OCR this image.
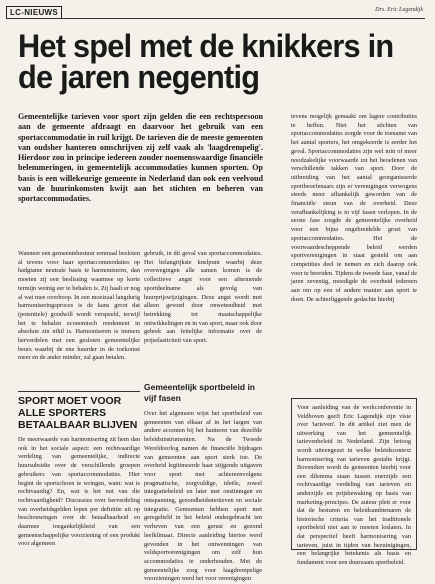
LC-NIEUWS	Drs. Eric Lagendijk
Het spel met de knikkers in de jaren negentig

Gemeentelijke tarieven voor sport zijn gelden die een rechtspersoon aan de gemeente afdraagt en daarvoor het gebruik van een sportaccommodatie in ruil krijgt. De tarieven die de meeste gemeenten van oudsher hanteren omschrijven zij zelf vaak als 'laagdrempelig'. Hierdoor zou in principe iedereen zonder noemenswaardige financiële belemmeringen, in gemeentelijk accommodaties kunnen sporten. Op basis is een willekeurige gemeente in Nederland dan ook een veelvoud van de huurinkomsten kwijt aan het stichten en beheren van sportaccommodaties.

Wanneer een gemeentebestuur eenmaal besloten al tevens voor haar sportaccommodaties op hadgiame neutrale basis te harmoniseren, dan moeten zij een beslissing waarmee op korte termijn weinig eer te behalen is. Zij haalt er nog al wat mee overhoop. In een moeizaal langdurig harmoniseringsproces is de kans groot dat (potentiele) goodwill wordt verspeeld, terwijl het te behalen economisch rendement in absolute zin nihil is. Harmoniseren is immers herverdelen met een gesloten gemeentelijke beurs waarbij de ene huurder in de toekomst meer en de ander minder, zal gaan betalen.

SPORT MOET VOOR ALLE SPORTERS BETAALBAAR BLIJVEN

De meerwaarde van harmonisering zit hem dan ook in het sociale aspect: een rechtvaardige verdeling van gemeentelijke, indirecte huursubsidie over de verschillende groepen gebruikers van sportaccommodaties. Hier begint de sportschoen te wringen, want: wat is rechtvaardig? En, wat is het nut van die rechtvaardigheid? Discussies over herverdeling van overheidsgelden lopen per definitie uit op beschouwingen over de betaalbaarheid en daarmee toegankelijkheid van een gemeenschappelijke voorziening of een produkt voor algemeen

gebruik, in dit geval van sportaccommodaties. Het belangrijkste knelpunt waarbij deze overwegingen alle samen komen is de collectieve angst voor een afnemende sportdeelname als gevolg van huurprijswijzigingen. Deze angst wordt met alleen gevoed door onwetendheid met betrekking tot maatschappelijke ontwikkelingen en in van sport, maar ook door gebrek aan feitelijke informatie over de prijselasticiteit van sport.

Gemeentelijk sportbeleid in vijf fasen

Over het algemeen wijst het sportbeleid van gemeenten van elkaar af in het largen van andere accenten bij het hanteren van dezelfde beleidsinstrumenten. Na de Tweede Wereldoorlog namen de financiële bijdragen van gemeenten aan sport sterk toe. De overheid legitimeerde haar stijgende uitgaven voor sport met achtereenvolgens pragmatische, zorgvuldige, ideële, zowel integratiebeleid en later met onstinmgen en ontspanning, gezondheidsmotieven en sociale integratie. Gemeenten hebben sport met geregelteld in het beleid ondergebracht ten verheven van een gerust en gezond leefklimaat. Directe aanleiding hiertoe werd gevonden in het ontwenningen van veldsportverenigingen om zelf hun accommodaties te onderhouden. Met de gemeentelijke zorg voor laagdrempelige voorzieningen werd het voor verenigingen

tevens mogelijk gemaakt om lagere contributies te heffen. Niet het stichten van sportaccommodaties zorgde voor de toename van het aantal sporters, het omgekeerde is eerder het geval. Sportaccommodaties zijn wel min of meer noodzakelijke voorwaarde tot het beoefenen van verschillende takken van sport. Door de uitbreiding van het aantal georganiseerde sportbeoefenaars zijn er verenigingen verwogens steeds meer afhankelijk geworden van de financiële steun van de overheid. Deze verafhankelijking is in vijf fasen verlopen. In de eerste fase zorgde de gemeentelijke overheid voor een bijna ongebreidelde groei van sportaccommodaties. Het de voorwaardescheppende beleid werden sportverenigingen in staat gesteld om aan competities deel te nemen en zich daarop ook voor te bereiden. Tijdens de tweede fase, vanaf de jaren zeventig, moedigde de overheid iedereen aan om op een of andere manier aan sport te doen. De achterliggende gedachte hierbij

Voor aanleiding van de werkconferentie in Veldhoven geeft Eric Lagendijk zijn visie over 'tarieven'. In dit artikel ziet men de uitwerking van het gemeentelijk tarievenbeleid in Nederland. Zijn betoog wordt uiteengezet in welke beleidscontext harmonisering van tarieven gestalte krijgt. Bovendien wordt de gemeenten hierbij voor een dilemma staan tussen enerzijds een rechtvaardige verdeling van tarieven en anderzijds en prijsbewaking op basis van marketing-principes. De auteur pleit er voor dat de besturen en beleidsambtenaren de historische criteria van het traditionele sportbeleid niet aan te moeten loslaten. In dat perspectief heeft harmonisering van tarieven, juist in tijden van bezuinigingen, een belangrijke betekenis als basis en fundament voor een duurzaam sportbeleid.
